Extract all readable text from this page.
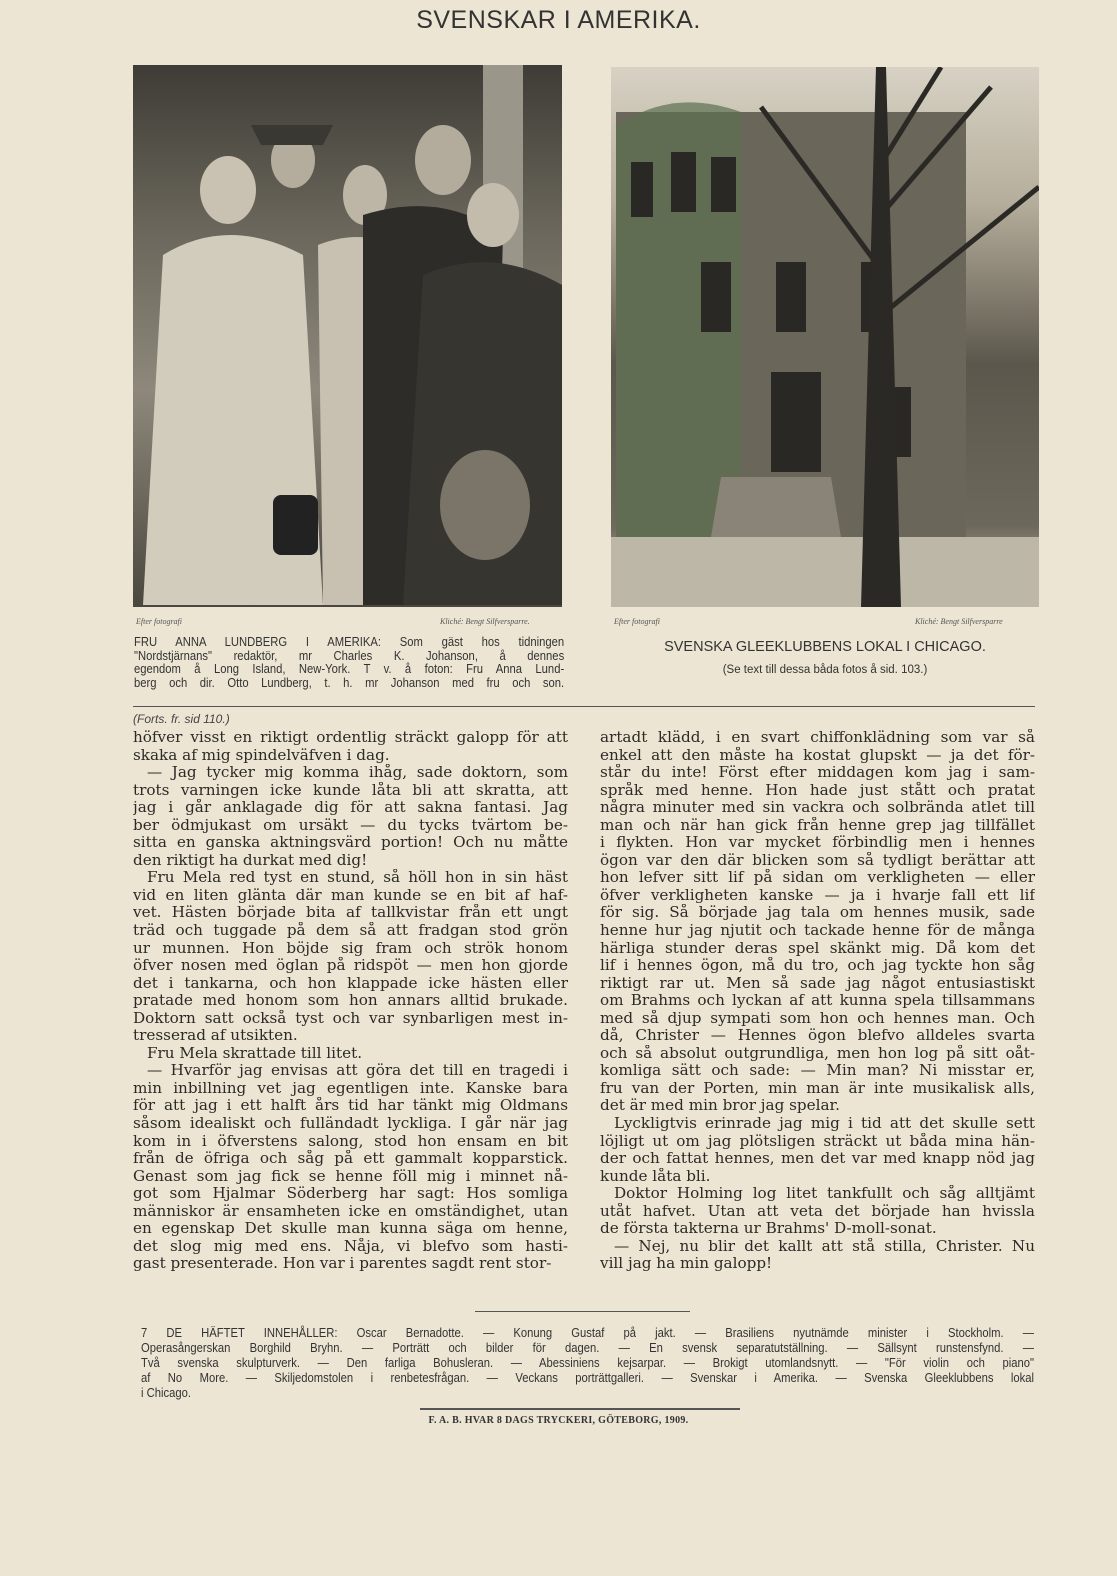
SVENSKAR I AMERIKA.
Efter fotografi	Kliché: Bengt Silfversparre.	Efter fotografi	Kliché: Bengt Silfversparre
FRU ANNA LUNDBERG I AMERIKA: Som gäst hos tidningen
"Nordstjärnans" redaktör, mr Charles K. Johanson, å dennes
egendom å Long Island, New-York. T v. å foton: Fru Anna Lund-
berg och dir. Otto Lundberg, t. h. mr Johanson med fru och son.
SVENSKA GLEEKLUBBENS LOKAL I CHICAGO.
(Se text till dessa båda fotos å sid. 103.)
(Forts. fr. sid 110.)
höfver visst en riktigt ordentlig sträckt galopp för att
skaka af mig spindelväfven i dag.
— Jag tycker mig komma ihåg, sade doktorn, som
trots varningen icke kunde låta bli att skratta, att
jag i går anklagade dig för att sakna fantasi. Jag
ber ödmjukast om ursäkt — du tycks tvärtom be-
sitta en ganska aktningsvärd portion! Och nu måtte
den riktigt ha durkat med dig!
Fru Mela red tyst en stund, så höll hon in sin häst
vid en liten glänta där man kunde se en bit af haf-
vet. Hästen började bita af tallkvistar från ett ungt
träd och tuggade på dem så att fradgan stod grön
ur munnen. Hon böjde sig fram och strök honom
öfver nosen med öglan på ridspöt — men hon gjorde
det i tankarna, och hon klappade icke hästen eller
pratade med honom som hon annars alltid brukade.
Doktorn satt också tyst och var synbarligen mest in-
tresserad af utsikten.
Fru Mela skrattade till litet.
— Hvarför jag envisas att göra det till en tragedi i
min inbillning vet jag egentligen inte. Kanske bara
för att jag i ett halft års tid har tänkt mig Oldmans
såsom idealiskt och fulländadt lyckliga. I går när jag
kom in i öfverstens salong, stod hon ensam en bit
från de öfriga och såg på ett gammalt kopparstick.
Genast som jag fick se henne föll mig i minnet nå-
got som Hjalmar Söderberg har sagt: Hos somliga
människor är ensamheten icke en omständighet, utan
en egenskap Det skulle man kunna säga om henne,
det slog mig med ens. Nåja, vi blefvo som hasti-
gast presenterade. Hon var i parentes sagdt rent stor-
artadt klädd, i en svart chiffonklädning som var så
enkel att den måste ha kostat glupskt — ja det för-
står du inte! Först efter middagen kom jag i sam-
språk med henne. Hon hade just stått och pratat
några minuter med sin vackra och solbrända atlet till
man och när han gick från henne grep jag tillfället
i flykten. Hon var mycket förbindlig men i hennes
ögon var den där blicken som så tydligt berättar att
hon lefver sitt lif på sidan om verkligheten — eller
öfver verkligheten kanske — ja i hvarje fall ett lif
för sig. Så började jag tala om hennes musik, sade
henne hur jag njutit och tackade henne för de många
härliga stunder deras spel skänkt mig. Då kom det
lif i hennes ögon, må du tro, och jag tyckte hon såg
riktigt rar ut. Men så sade jag något entusiastiskt
om Brahms och lyckan af att kunna spela tillsammans
med så djup sympati som hon och hennes man. Och
då, Christer — Hennes ögon blefvo alldeles svarta
och så absolut outgrundliga, men hon log på sitt oåt-
komliga sätt och sade: — Min man? Ni misstar er,
fru van der Porten, min man är inte musikalisk alls,
det är med min bror jag spelar.
Lyckligtvis erinrade jag mig i tid att det skulle sett
löjligt ut om jag plötsligen sträckt ut båda mina hän-
der och fattat hennes, men det var med knapp nöd jag
kunde låta bli.
Doktor Holming log litet tankfullt och såg alltjämt
utåt hafvet. Utan att veta det började han hvissla
de första takterna ur Brahms' D-moll-sonat.
— Nej, nu blir det kallt att stå stilla, Christer. Nu
vill jag ha min galopp!
7 DE HÄFTET INNEHÅLLER: Oscar Bernadotte. — Konung Gustaf på jakt. — Brasiliens nyutnämde minister i Stockholm. —
Operasångerskan Borghild Bryhn. — Porträtt och bilder för dagen. — En svensk separatutställning. — Sällsynt runstensfynd. —
Två svenska skulpturverk. — Den farliga Bohusleran. — Abessiniens kejsarpar. — Brokigt utomlandsnytt. — "För violin och piano"
af No More. — Skiljedomstolen i renbetesfrågan. — Veckans porträttgalleri. — Svenskar i Amerika. — Svenska Gleeklubbens lokal
i Chicago.
F. A. B. HVAR 8 DAGS TRYCKERI, GÖTEBORG, 1909.
